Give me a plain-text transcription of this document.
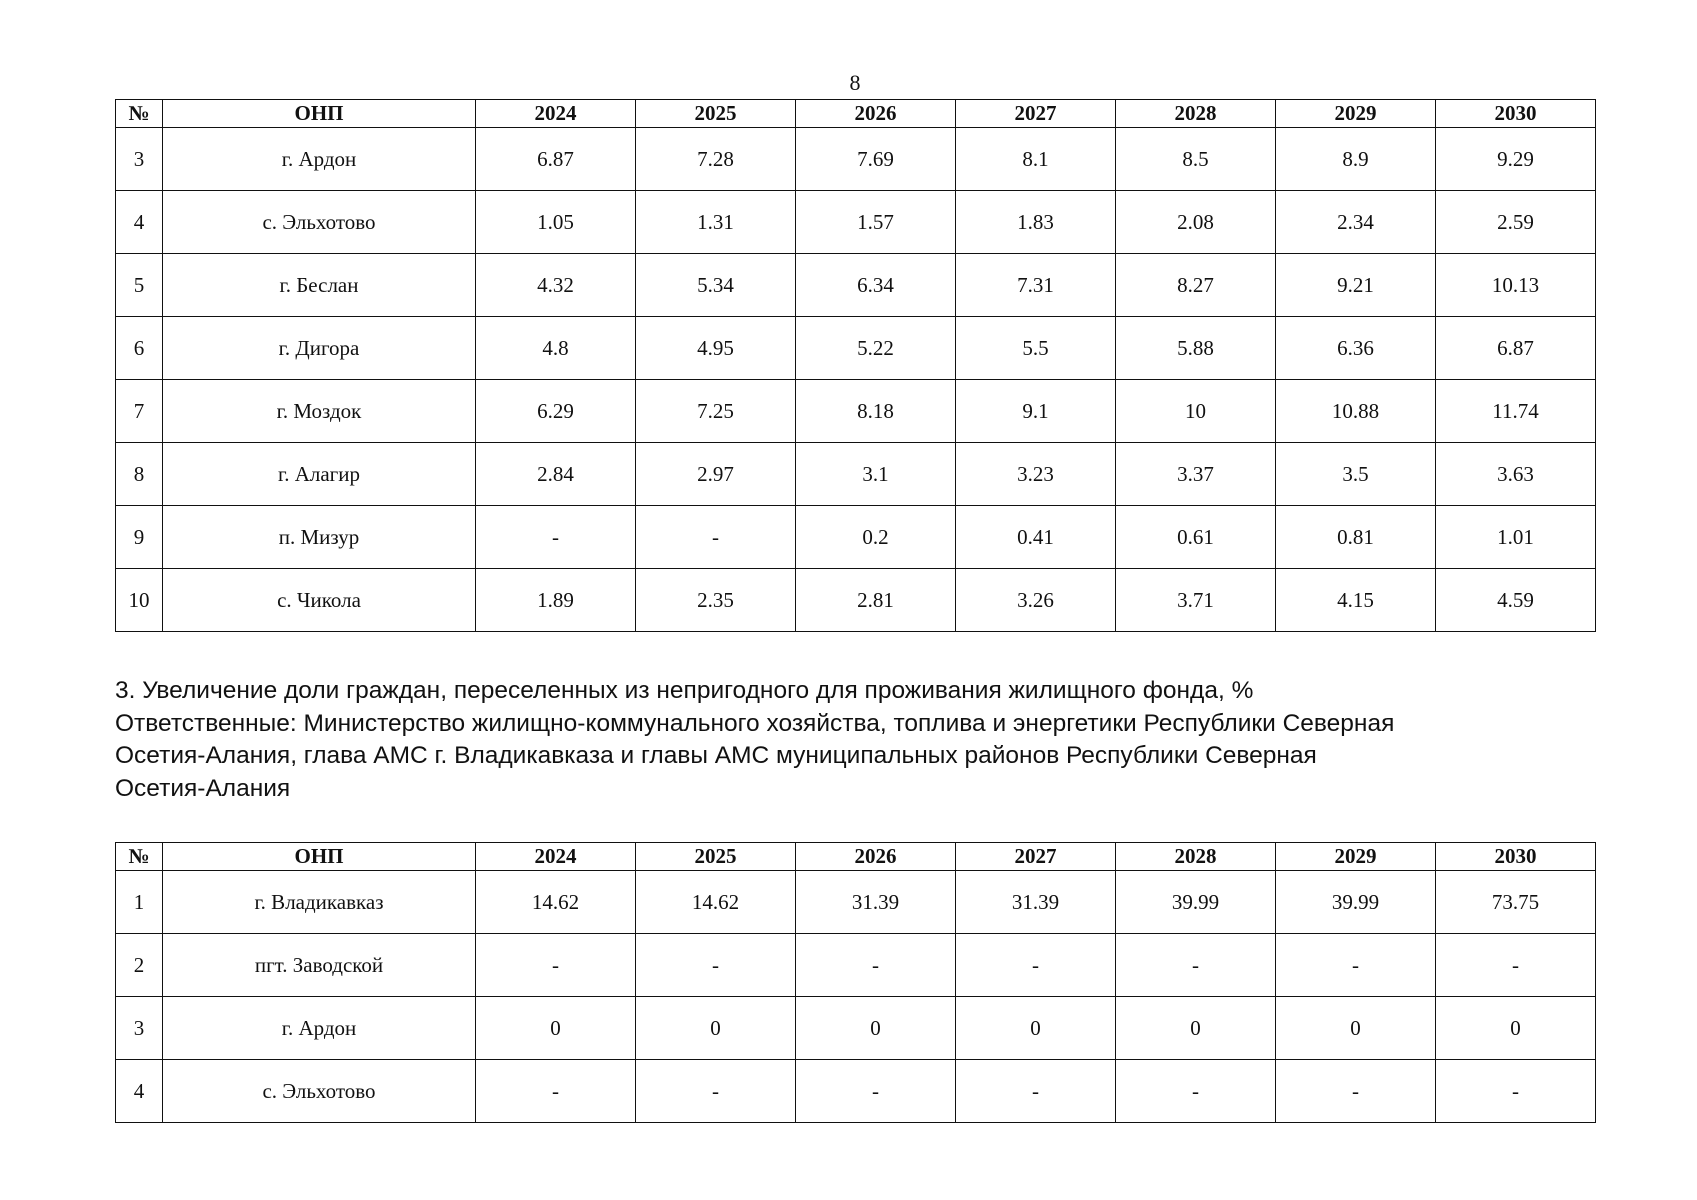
8
№	ОНП	2024	2025	2026	2027	2028	2029	2030
3	г. Ардон	6.87	7.28	7.69	8.1	8.5	8.9	9.29
4	с. Эльхотово	1.05	1.31	1.57	1.83	2.08	2.34	2.59
5	г. Беслан	4.32	5.34	6.34	7.31	8.27	9.21	10.13
6	г. Дигора	4.8	4.95	5.22	5.5	5.88	6.36	6.87
7	г. Моздок	6.29	7.25	8.18	9.1	10	10.88	11.74
8	г. Алагир	2.84	2.97	3.1	3.23	3.37	3.5	3.63
9	п. Мизур	-	-	0.2	0.41	0.61	0.81	1.01
10	с. Чикола	1.89	2.35	2.81	3.26	3.71	4.15	4.59

3. Увеличение доли граждан, переселенных из непригодного для проживания жилищного фонда, %

Ответственные: Министерство жилищно-коммунального хозяйства, топлива и энергетики Республики Северная

Осетия-Алания, глава АМС г. Владикавказа и главы АМС муниципальных районов Республики Северная

Осетия-Алания

№	ОНП	2024	2025	2026	2027	2028	2029	2030
1	г. Владикавказ	14.62	14.62	31.39	31.39	39.99	39.99	73.75
2	пгт. Заводской	-	-	-	-	-	-	-
3	г. Ардон	0	0	0	0	0	0	0
4	с. Эльхотово	-	-	-	-	-	-	-
